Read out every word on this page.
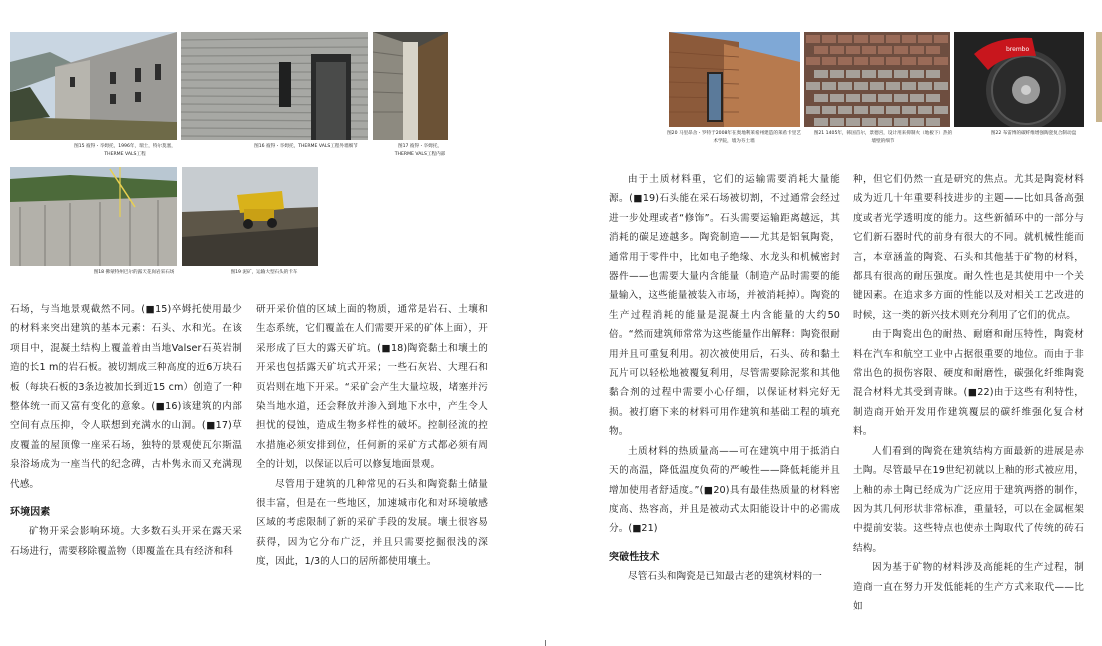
图15 彼得・卒姆托，1996年，瑞士，特尔莫塞，THERME VALS工程
图16 彼得・卒姆托，THERME VALS工程外墙细节	图17 彼得・卒姆托，THERME VALS工程内部
图18 佛蒙特州巴尔的露天花岗岩采石场	图19 泥矿，运输大型石头的卡车

石场，与当地景观截然不同。(■15)卒姆托使用最少的材料来突出建筑的基本元素：石头、水和光。在该项目中，混凝土结构上覆盖着由当地Valser石英岩制造的长1 m的岩石板。被切割成三种高度的近6万块石板（每块石板的3条边被加长到近15 cm）创造了一种整体统一而又富有变化的意象。(■16)该建筑的内部空间有点压抑，令人联想到充满水的山洞。(■17)草皮覆盖的屋顶像一座采石场，独特的景观使瓦尔斯温泉浴场成为一座当代的纪念碑，古朴隽永而又充满现代感。

环境因素

矿物开采会影响环境。大多数石头开采在露天采石场进行，需要移除覆盖物（即覆盖在具有经济和科

研开采价值的区域上面的物质，通常是岩石、土壤和生态系统，它们覆盖在人们需要开采的矿体上面），开采形成了巨大的露天矿坑。(■18)陶瓷黏土和壤土的开采也包括露天矿坑式开采；一些石灰岩、大理石和页岩则在地下开采。“采矿会产生大量垃圾，堵塞并污染当地水道，还会释放并渗入到地下水中，产生令人担忧的侵蚀，造成生物多样性的破坏。控制径流的控水措施必须安排到位，任何新的采矿方式都必须有周全的计划，以保证以后可以修复地面景观。

尽管用于建筑的几种常见的石头和陶瓷黏土储量很丰富，但是在一些地区，加速城市化和对环境敏感区域的考虑限制了新的采矿手段的发展。壤土很容易获得，因为它分布广泛，并且只需要挖掘很浅的深度，因此，1/3的人口的居所都使用壤土。

图20 马里昂舍・罗特于2008年在奥地利莱希州建造的莱希卡里艺术学院，墙为夯土墙
图21 1405年，韩国首尔，景德宫，设计用来抑制火（地板下）热的墙壁的细节
brembo
图22 布雷博的碳纤维增强陶瓷复合制动盘

由于土质材料重，它们的运输需要消耗大量能源。(■19)石头能在采石场被切割，不过通常会经过进一步处理或者“修饰”。石头需要运输距离越远，其消耗的碳足迹越多。陶瓷制造——尤其是铝氧陶瓷，通常用于零件中，比如电子绝缘、水龙头和机械密封器件——也需要大量内含能量（制造产品时需要的能量输入，这些能量被装入市场，并被消耗掉）。陶瓷的生产过程消耗的能量是混凝土内含能量的大约50倍。“然而建筑师常常为这些能量作出解释：陶瓷很耐用并且可重复利用。初次被使用后，石头、砖和黏土瓦片可以轻松地被覆复利用，尽管需要除泥浆和其他黏合剂的过程中需要小心仔细，以保证材料完好无损。被打磨下来的材料可用作建筑和基础工程的填充物。

土质材料的热质量高——可在建筑中用于抵消白天的高温，降低温度负荷的严峻性——降低耗能并且增加使用者舒适度。”(■20)具有最佳热质量的材料密度高、热容高，并且是被动式太阳能设计中的必需成分。(■21)

突破性技术

尽管石头和陶瓷是已知最古老的建筑材料的一

种，但它们仍然一直是研究的焦点。尤其是陶瓷材料成为近几十年重要科技进步的主题——比如具备高强度或者光学透明度的能力。这些新循环中的一部分与它们新石器时代的前身有很大的不同。就机械性能而言，本章涵盖的陶瓷、石头和其他基于矿物的材料，都具有很高的耐压强度。耐久性也是其使用中一个关键因素。在追求多方面的性能以及对相关工艺改进的时候，这一类的新兴技术则充分利用了它们的优点。

由于陶瓷出色的耐热、耐磨和耐压特性，陶瓷材料在汽车和航空工业中占据很重要的地位。而由于非常出色的损伤容限、硬度和耐磨性，碳强化纤维陶瓷混合材料尤其受到青睐。(■22)由于这些有利特性，制造商开始开发用作建筑覆层的碳纤维强化复合材料。

人们看到的陶瓷在建筑结构方面最新的进展是赤土陶。尽管最早在19世纪初就以上釉的形式被应用，上釉的赤土陶已经成为广泛应用于建筑两搭的制作，因为其几何形状非常标准，重量轻，可以在金属框架中提前安装。这些特点也使赤土陶取代了传统的砖石结构。

因为基于矿物的材料涉及高能耗的生产过程，制造商一直在努力开发低能耗的生产方式来取代——比如
